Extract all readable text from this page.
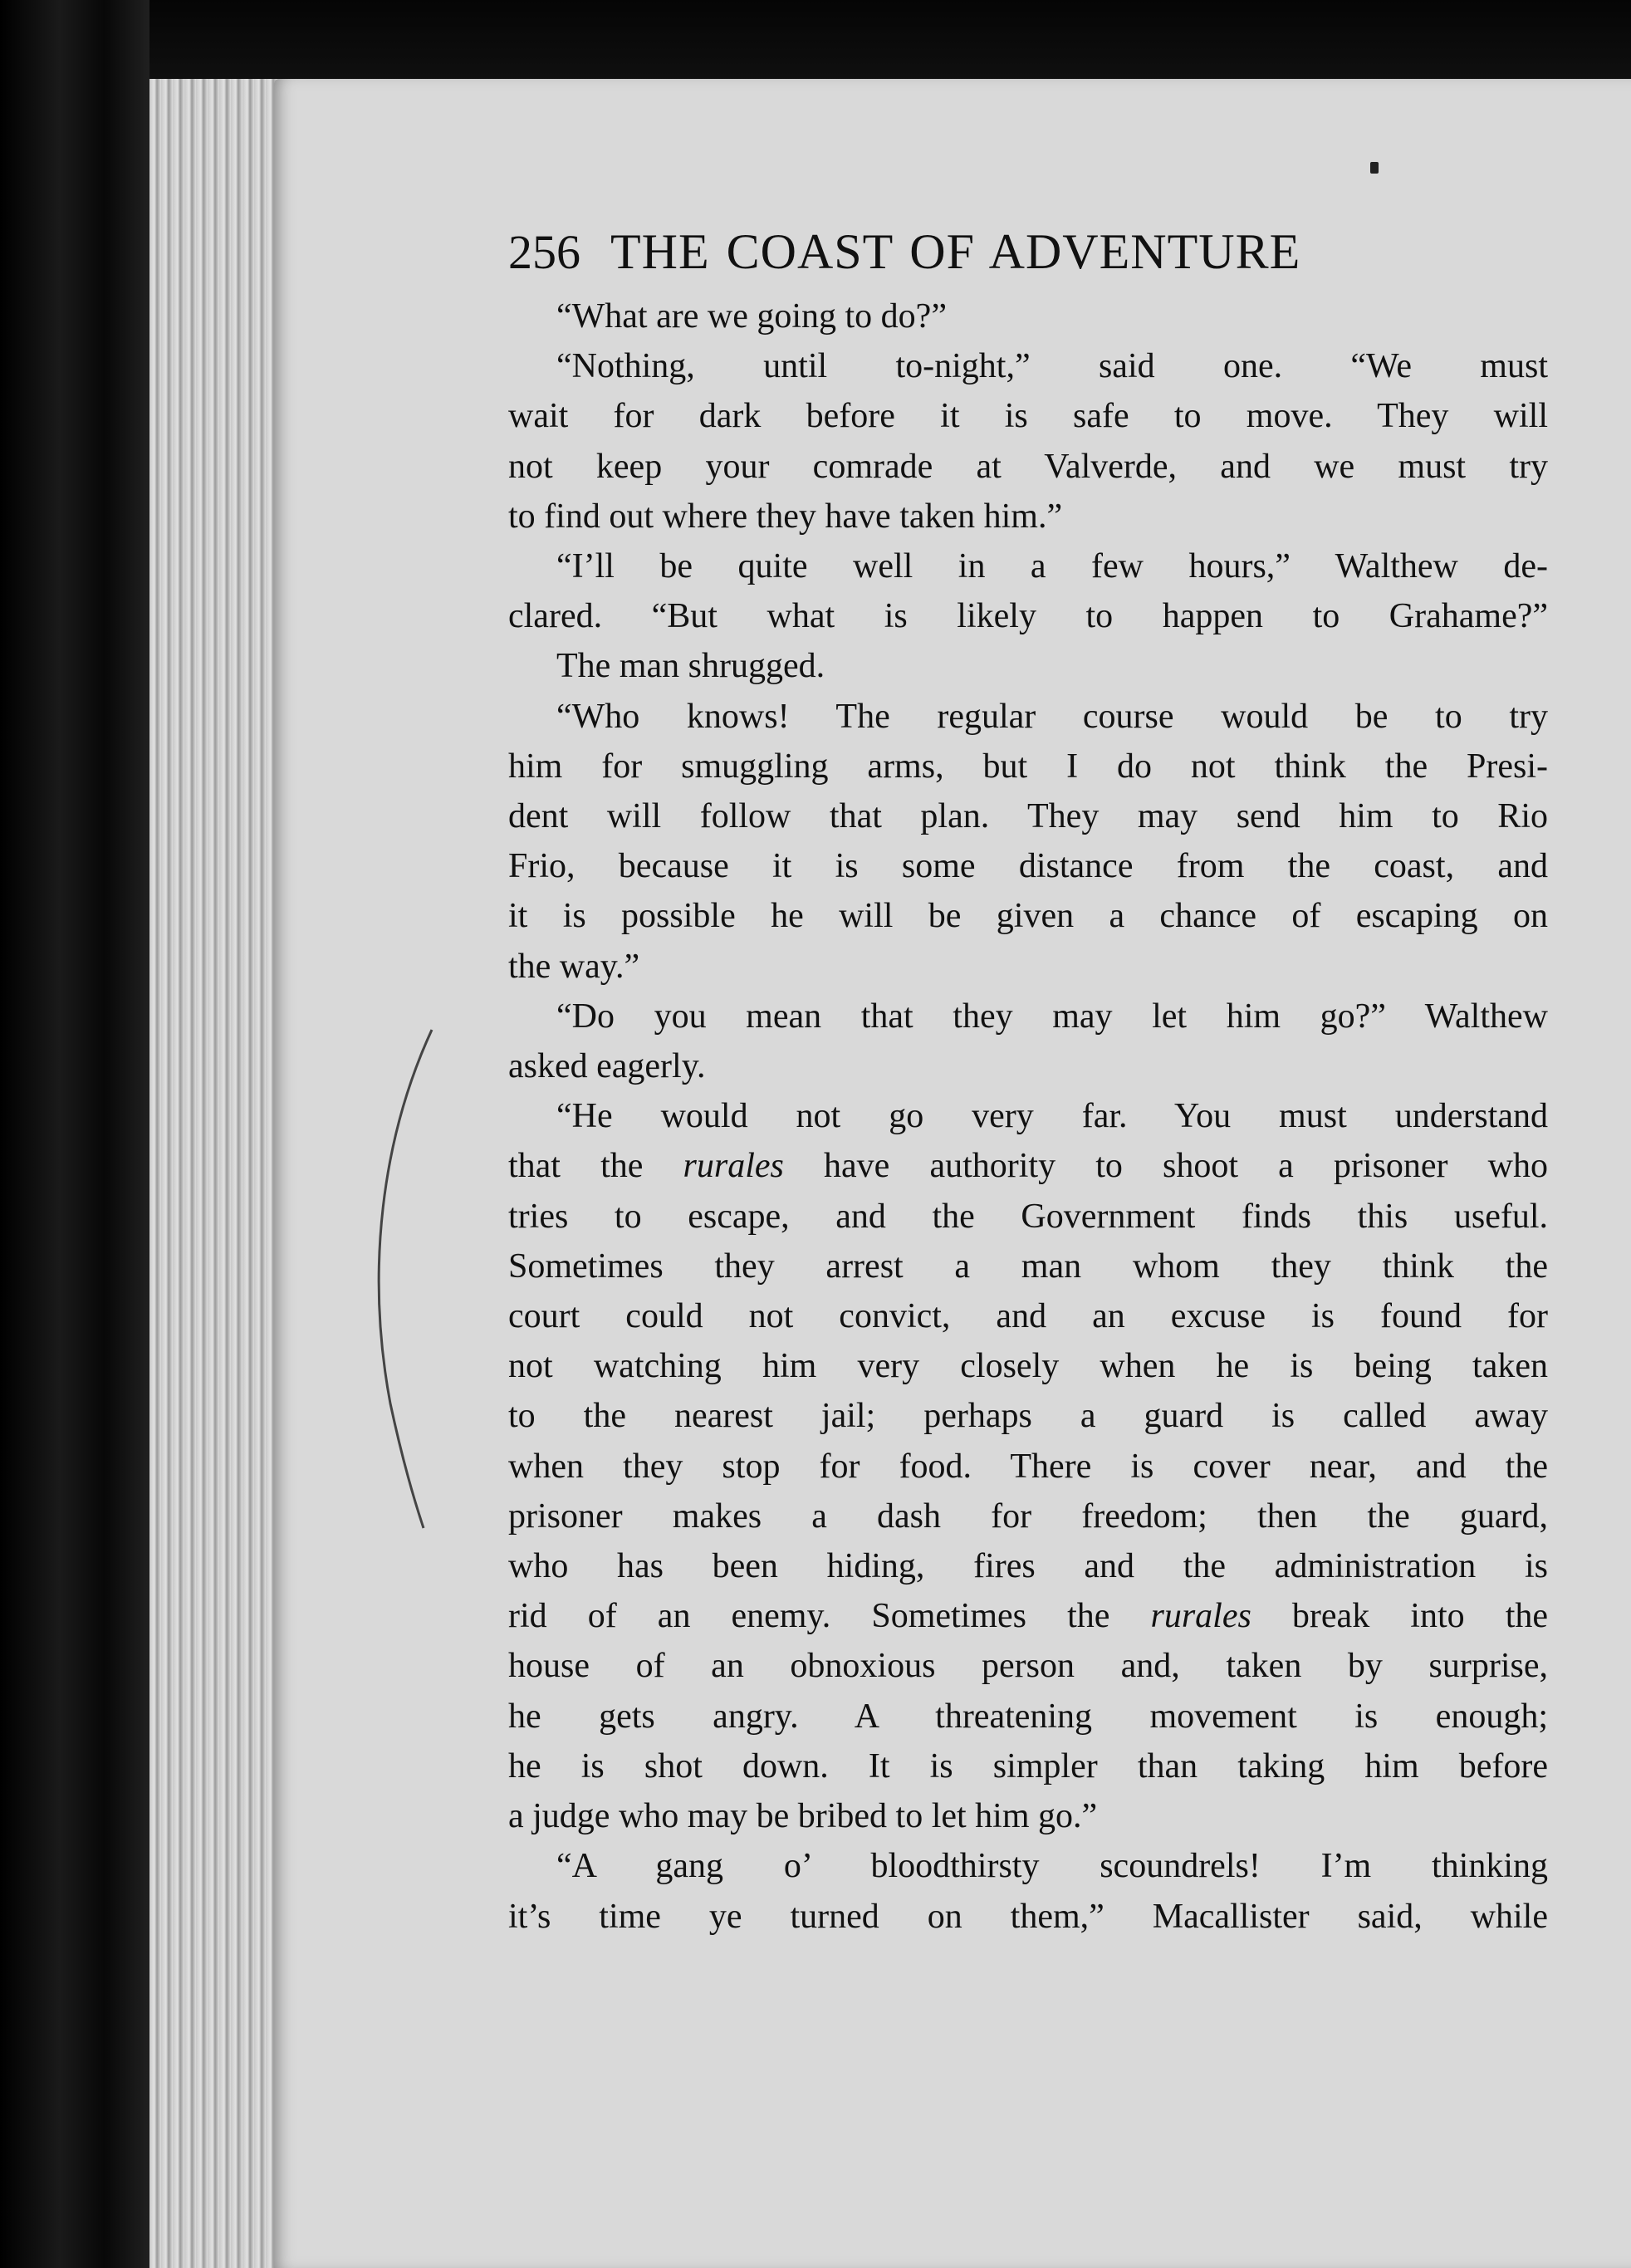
256 THE COAST OF ADVENTURE
“What are we going to do?”
“Nothing, until to-night,” said one. “We must
wait for dark before it is safe to move. They will
not keep your comrade at Valverde, and we must try
to find out where they have taken him.”
“I’ll be quite well in a few hours,” Walthew de-
clared. “But what is likely to happen to Grahame?”
The man shrugged.
“Who knows! The regular course would be to try
him for smuggling arms, but I do not think the Presi-
dent will follow that plan. They may send him to Rio
Frio, because it is some distance from the coast, and
it is possible he will be given a chance of escaping on
the way.”
“Do you mean that they may let him go?” Walthew
asked eagerly.
“He would not go very far. You must understand
that the rurales have authority to shoot a prisoner who
tries to escape, and the Government finds this useful.
Sometimes they arrest a man whom they think the
court could not convict, and an excuse is found for
not watching him very closely when he is being taken
to the nearest jail; perhaps a guard is called away
when they stop for food. There is cover near, and the
prisoner makes a dash for freedom; then the guard,
who has been hiding, fires and the administration is
rid of an enemy. Sometimes the rurales break into the
house of an obnoxious person and, taken by surprise,
he gets angry. A threatening movement is enough;
he is shot down. It is simpler than taking him before
a judge who may be bribed to let him go.”
“A gang o’ bloodthirsty scoundrels! I’m thinking
it’s time ye turned on them,” Macallister said, while
